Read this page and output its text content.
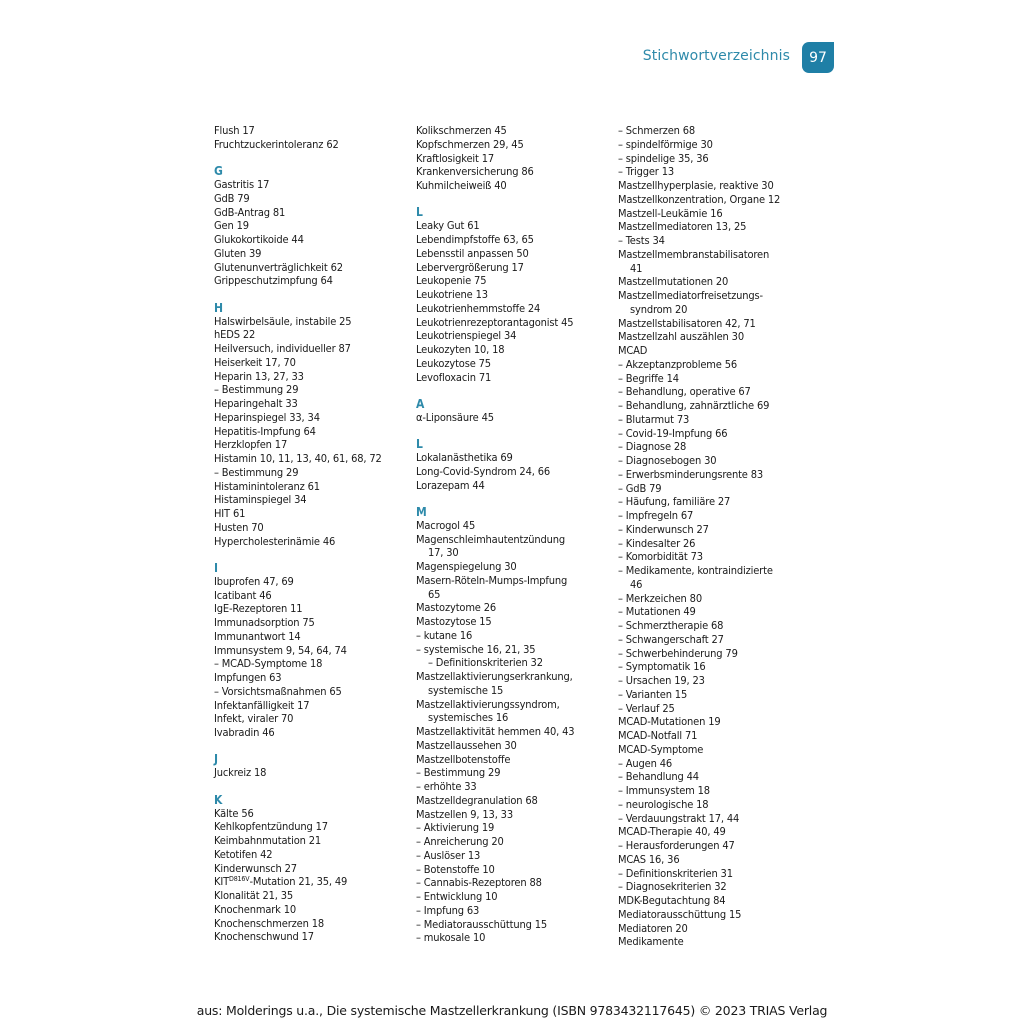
Stichwortverzeichnis	97
Flush 17
Fruchtzuckerintoleranz 62
G
Gastritis 17
GdB 79
GdB-Antrag 81
Gen 19
Glukokortikoide 44
Gluten 39
Glutenunverträglichkeit 62
Grippeschutzimpfung 64
H
Halswirbelsäule, instabile 25
hEDS 22
Heilversuch, individueller 87
Heiserkeit 17, 70
Heparin 13, 27, 33
– Bestimmung 29
Heparingehalt 33
Heparinspiegel 33, 34
Hepatitis-Impfung 64
Herzklopfen 17
Histamin 10, 11, 13, 40, 61, 68, 72
– Bestimmung 29
Histaminintoleranz 61
Histaminspiegel 34
HIT 61
Husten 70
Hypercholesterinämie 46
I
Ibuprofen 47, 69
Icatibant 46
IgE-Rezeptoren 11
Immunadsorption 75
Immunantwort 14
Immunsystem 9, 54, 64, 74
– MCAD-Symptome 18
Impfungen 63
– Vorsichtsmaßnahmen 65
Infektanfälligkeit 17
Infekt, viraler 70
Ivabradin 46
J
Juckreiz 18
K
Kälte 56
Kehlkopfentzündung 17
Keimbahnmutation 21
Ketotifen 42
Kinderwunsch 27
$KIT^{D816V}$-Mutation 21, 35, 49
Klonalität 21, 35
Knochenmark 10
Knochenschmerzen 18
Knochenschwund 17
Kolikschmerzen 45
Kopfschmerzen 29, 45
Kraftlosigkeit 17
Krankenversicherung 86
Kuhmilcheiweiß 40
L
Leaky Gut 61
Lebendimpfstoffe 63, 65
Lebensstil anpassen 50
Lebervergrößerung 17
Leukopenie 75
Leukotriene 13
Leukotrienhemmstoffe 24
Leukotrienrezeptorantagonist 45
Leukotrienspiegel 34
Leukozyten 10, 18
Leukozytose 75
Levofloxacin 71
A
α-Liponsäure 45
L
Lokalanästhetika 69
Long-Covid-Syndrom 24, 66
Lorazepam 44
M
Macrogol 45
Magenschleimhautentzündung
17, 30
Magenspiegelung 30
Masern-Röteln-Mumps-Impfung
65
Mastozytome 26
Mastozytose 15
– kutane 16
– systemische 16, 21, 35
– Definitionskriterien 32
Mastzellaktivierungserkrankung,
systemische 15
Mastzellaktivierungssyndrom,
systemisches 16
Mastzellaktivität hemmen 40, 43
Mastzellaussehen 30
Mastzellbotenstoffe
– Bestimmung 29
– erhöhte 33
Mastzelldegranulation 68
Mastzellen 9, 13, 33
– Aktivierung 19
– Anreicherung 20
– Auslöser 13
– Botenstoffe 10
– Cannabis-Rezeptoren 88
– Entwicklung 10
– Impfung 63
– Mediatorausschüttung 15
– mukosale 10
– Schmerzen 68
– spindelförmige 30
– spindelige 35, 36
– Trigger 13
Mastzellhyperplasie, reaktive 30
Mastzellkonzentration, Organe 12
Mastzell-Leukämie 16
Mastzellmediatoren 13, 25
– Tests 34
Mastzellmembranstabilisatoren
41
Mastzellmutationen 20
Mastzellmediatorfreisetzungs-
syndrom 20
Mastzellstabilisatoren 42, 71
Mastzellzahl auszählen 30
MCAD
– Akzeptanzprobleme 56
– Begriffe 14
– Behandlung, operative 67
– Behandlung, zahnärztliche 69
– Blutarmut 73
– Covid-19-Impfung 66
– Diagnose 28
– Diagnosebogen 30
– Erwerbsminderungsrente 83
– GdB 79
– Häufung, familiäre 27
– Impfregeln 67
– Kinderwunsch 27
– Kindesalter 26
– Komorbidität 73
– Medikamente, kontraindizierte
46
– Merkzeichen 80
– Mutationen 49
– Schmerztherapie 68
– Schwangerschaft 27
– Schwerbehinderung 79
– Symptomatik 16
– Ursachen 19, 23
– Varianten 15
– Verlauf 25
MCAD-Mutationen 19
MCAD-Notfall 71
MCAD-Symptome
– Augen 46
– Behandlung 44
– Immunsystem 18
– neurologische 18
– Verdauungstrakt 17, 44
MCAD-Therapie 40, 49
– Herausforderungen 47
MCAS 16, 36
– Definitionskriterien 31
– Diagnosekriterien 32
MDK-Begutachtung 84
Mediatorausschüttung 15
Mediatoren 20
Medikamente
aus: Molderings u.a., Die systemische Mastzellerkrankung (ISBN 9783432117645) © 2023 TRIAS Verlag
